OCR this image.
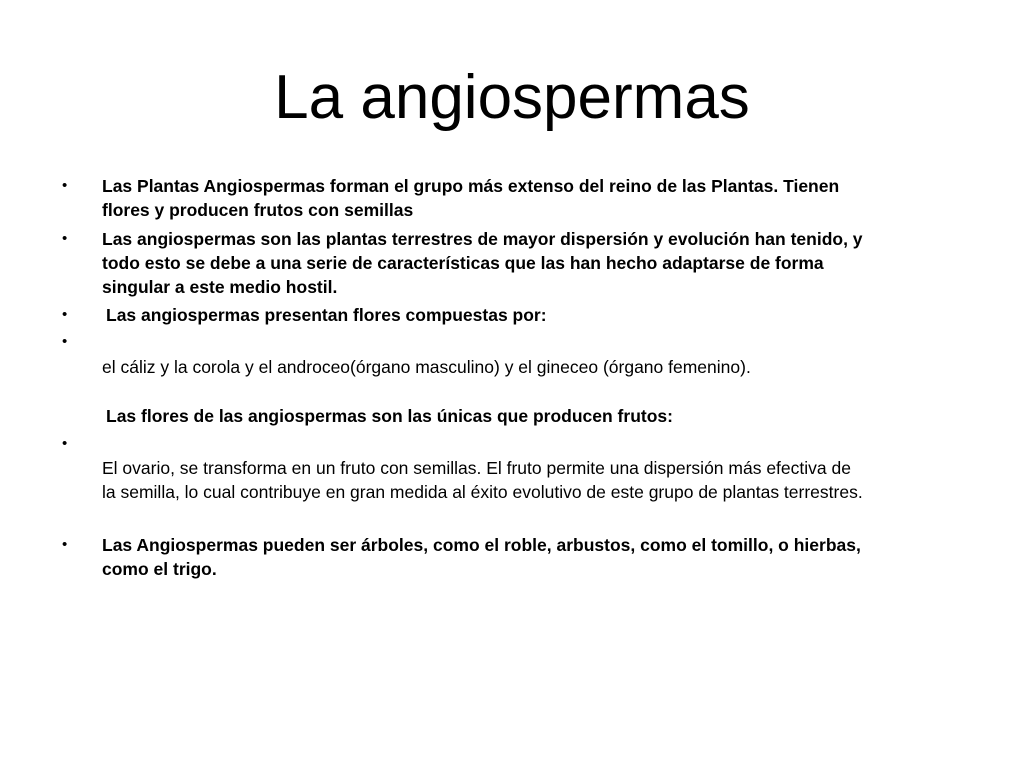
La angiospermas
• Las Plantas Angiospermas forman el grupo más extenso del reino de las Plantas. Tienen

flores y producen frutos con semillas

• Las angiospermas son las plantas terrestres de mayor dispersión y evolución han tenido, y

todo esto se debe a una serie de características que las han hecho adaptarse de forma

singular a este medio hostil.

• Las angiospermas presentan flores compuestas por:

•

el cáliz y la corola y el androceo(órgano masculino) y el gineceo (órgano femenino).

Las flores de las angiospermas son las únicas que producen frutos:

•

El ovario, se transforma en un fruto con semillas. El fruto permite una dispersión más efectiva de

la semilla, lo cual contribuye en gran medida al éxito evolutivo de este grupo de plantas terrestres.

• Las Angiospermas pueden ser árboles, como el roble, arbustos, como el tomillo, o hierbas,

como el trigo.
